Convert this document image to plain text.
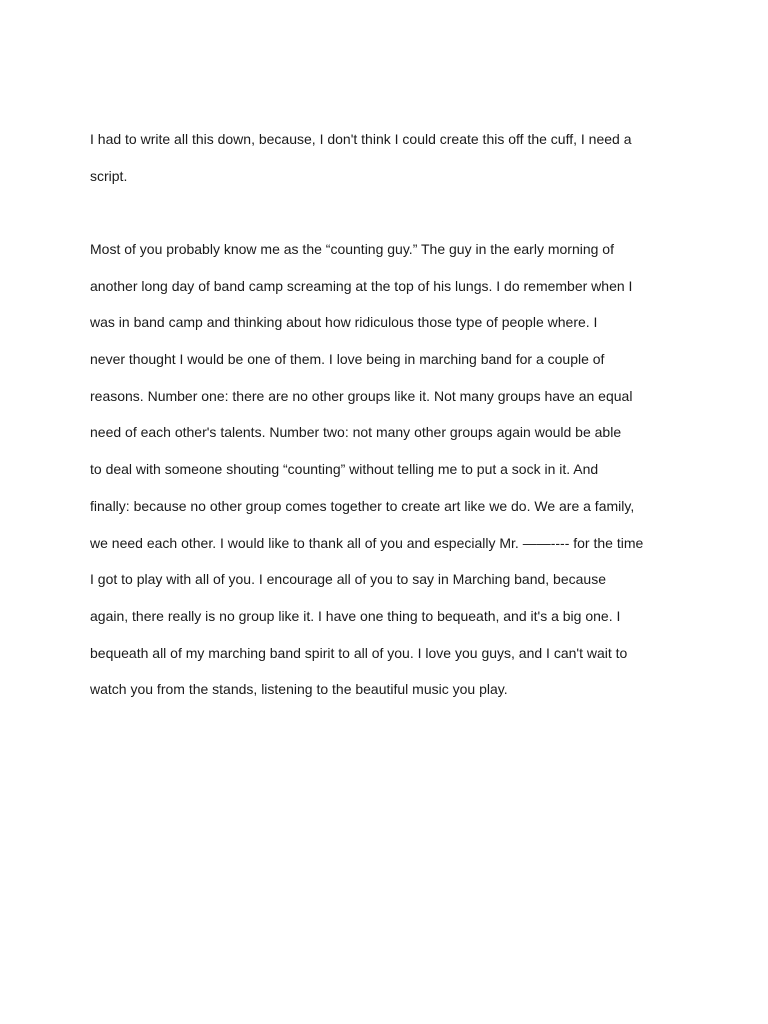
I had to write all this down, because, I don't think I could create this off the cuff, I need a
script.
Most of you probably know me as the “counting guy.” The guy in the early morning of
another long day of band camp screaming at the top of his lungs. I do remember when I
was in band camp and thinking about how ridiculous those type of people where. I
never thought I would be one of them. I love being in marching band for a couple of
reasons. Number one: there are no other groups like it. Not many groups have an equal
need of each other's talents. Number two: not many other groups again would be able
to deal with someone shouting “counting” without telling me to put a sock in it. And
finally: because no other group comes together to create art like we do. We are a family,
we need each other. I would like to thank all of you and especially Mr. ——---- for the time
I got to play with all of you. I encourage all of you to say in Marching band, because
again, there really is no group like it. I have one thing to bequeath, and it's a big one. I
bequeath all of my marching band spirit to all of you. I love you guys, and I can't wait to
watch you from the stands, listening to the beautiful music you play.
